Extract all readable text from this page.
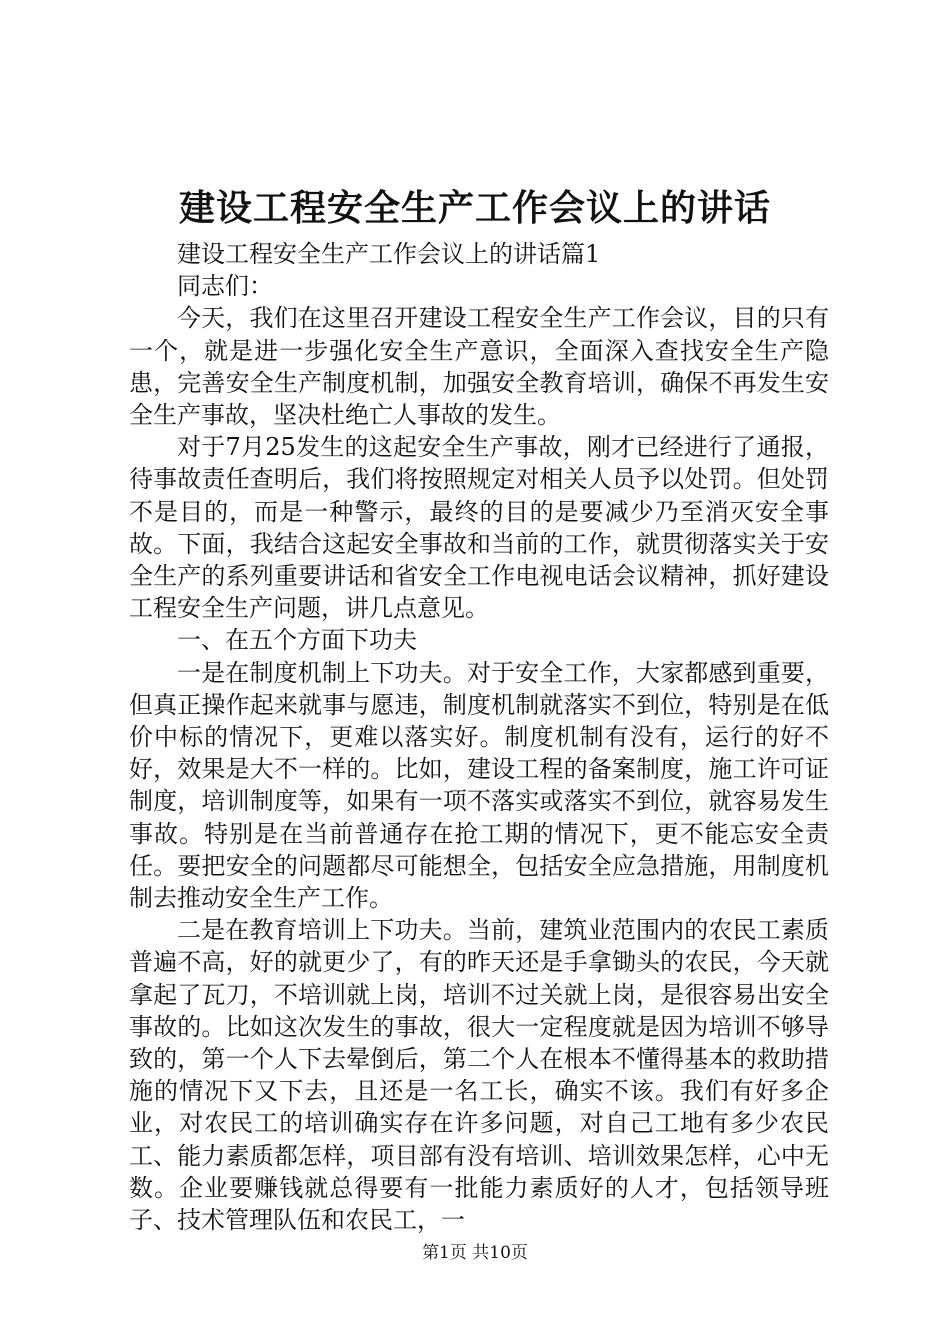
建设工程安全生产工作会议上的讲话

建设工程安全生产工作会议上的讲话篇1

同志们：

今天，我们在这里召开建设工程安全生产工作会议，目的只有一个，就是进一步强化安全生产意识，全面深入查找安全生产隐患，完善安全生产制度机制，加强安全教育培训，确保不再发生安全生产事故，坚决杜绝亡人事故的发生。

对于7月25发生的这起安全生产事故，刚才已经进行了通报，待事故责任查明后，我们将按照规定对相关人员予以处罚。但处罚不是目的，而是一种警示，最终的目的是要减少乃至消灭安全事故。下面，我结合这起安全事故和当前的工作，就贯彻落实关于安全生产的系列重要讲话和省安全工作电视电话会议精神，抓好建设工程安全生产问题，讲几点意见。

一、在五个方面下功夫

一是在制度机制上下功夫。对于安全工作，大家都感到重要，但真正操作起来就事与愿违，制度机制就落实不到位，特别是在低价中标的情况下，更难以落实好。制度机制有没有，运行的好不好，效果是大不一样的。比如，建设工程的备案制度，施工许可证制度，培训制度等，如果有一项不落实或落实不到位，就容易发生事故。特别是在当前普通存在抢工期的情况下，更不能忘安全责任。要把安全的问题都尽可能想全，包括安全应急措施，用制度机制去推动安全生产工作。

二是在教育培训上下功夫。当前，建筑业范围内的农民工素质普遍不高，好的就更少了，有的昨天还是手拿锄头的农民，今天就拿起了瓦刀，不培训就上岗，培训不过关就上岗，是很容易出安全事故的。比如这次发生的事故，很大一定程度就是因为培训不够导致的，第一个人下去晕倒后，第二个人在根本不懂得基本的救助措施的情况下又下去，且还是一名工长，确实不该。我们有好多企业，对农民工的培训确实存在许多问题，对自己工地有多少农民工、能力素质都怎样，项目部有没有培训、培训效果怎样，心中无数。企业要赚钱就总得要有一批能力素质好的人才，包括领导班子、技术管理队伍和农民工，一

第1页 共10页
